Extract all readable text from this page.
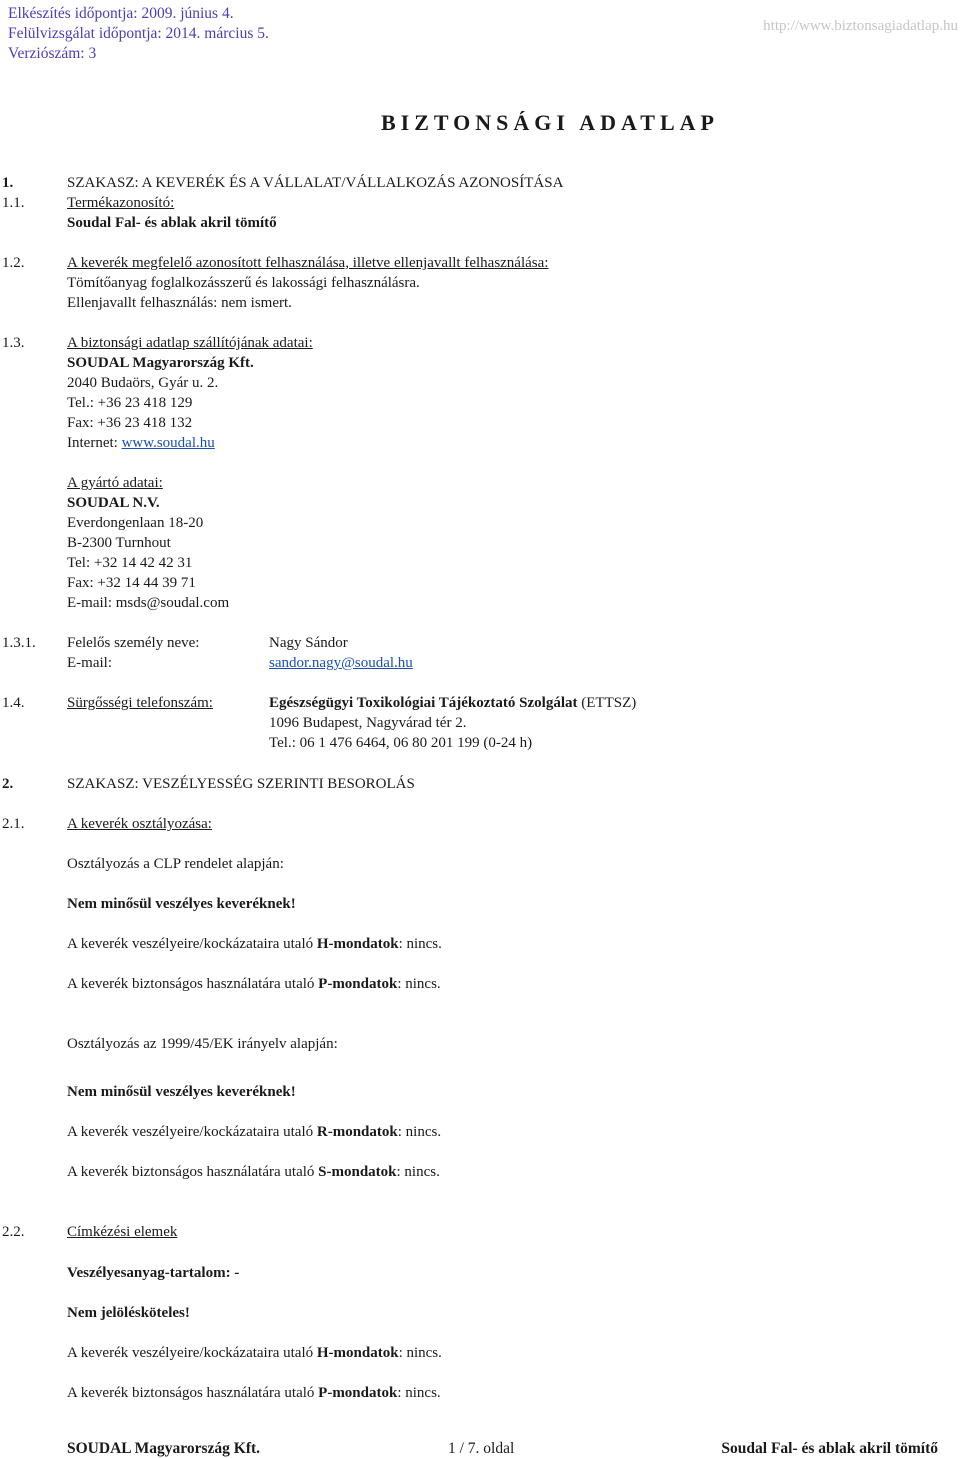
Elkészítés időpontja: 2009. június 4.
Felülvizsgálat időpontja: 2014. március 5.
Verziószám: 3
http://www.biztonsagiadatlap.hu
BIZTONSÁGI ADATLAP
1.	SZAKASZ: A KEVERÉK ÉS A VÁLLALAT/VÁLLALKOZÁS AZONOSÍTÁSA
1.1.	Termékazonosító:
Soudal Fal- és ablak akril tömítő
1.2.	A keverék megfelelő azonosított felhasználása, illetve ellenjavallt felhasználása:
Tömítőanyag foglalkozásszerű és lakossági felhasználásra.
Ellenjavallt felhasználás: nem ismert.
1.3.	A biztonsági adatlap szállítójának adatai:
SOUDAL Magyarország Kft.
2040 Budaörs, Gyár u. 2.
Tel.: +36 23 418 129
Fax: +36 23 418 132
Internet: www.soudal.hu
A gyártó adatai:
SOUDAL N.V.
Everdongenlaan 18-20
B-2300 Turnhout
Tel: +32 14 42 42 31
Fax: +32 14 44 39 71
E-mail: msds@soudal.com
1.3.1. Felelős személy neve:	Nagy Sándor
E-mail:	sandor.nagy@soudal.hu
1.4.	Sürgősségi telefonszám:	Egészségügyi Toxikológiai Tájékoztató Szolgálat (ETTSZ)
1096 Budapest, Nagyvárad tér 2.
Tel.: 06 1 476 6464, 06 80 201 199 (0-24 h)
2.	SZAKASZ: VESZÉLYESSÉG SZERINTI BESOROLÁS
2.1.	A keverék osztályozása:
Osztályozás a CLP rendelet alapján:
Nem minősül veszélyes keveréknek!
A keverék veszélyeire/kockázataira utaló H-mondatok: nincs.
A keverék biztonságos használatára utaló P-mondatok: nincs.
Osztályozás az 1999/45/EK irányelv alapján:
Nem minősül veszélyes keveréknek!
A keverék veszélyeire/kockázataira utaló R-mondatok: nincs.
A keverék biztonságos használatára utaló S-mondatok: nincs.
2.2.	Címkézési elemek
Veszélyesanyag-tartalom: -
Nem jelölésköteles!
A keverék veszélyeire/kockázataira utaló H-mondatok: nincs.
A keverék biztonságos használatára utaló P-mondatok: nincs.
SOUDAL Magyarország Kft.	1 / 7. oldal	Soudal Fal- és ablak akril tömítő
